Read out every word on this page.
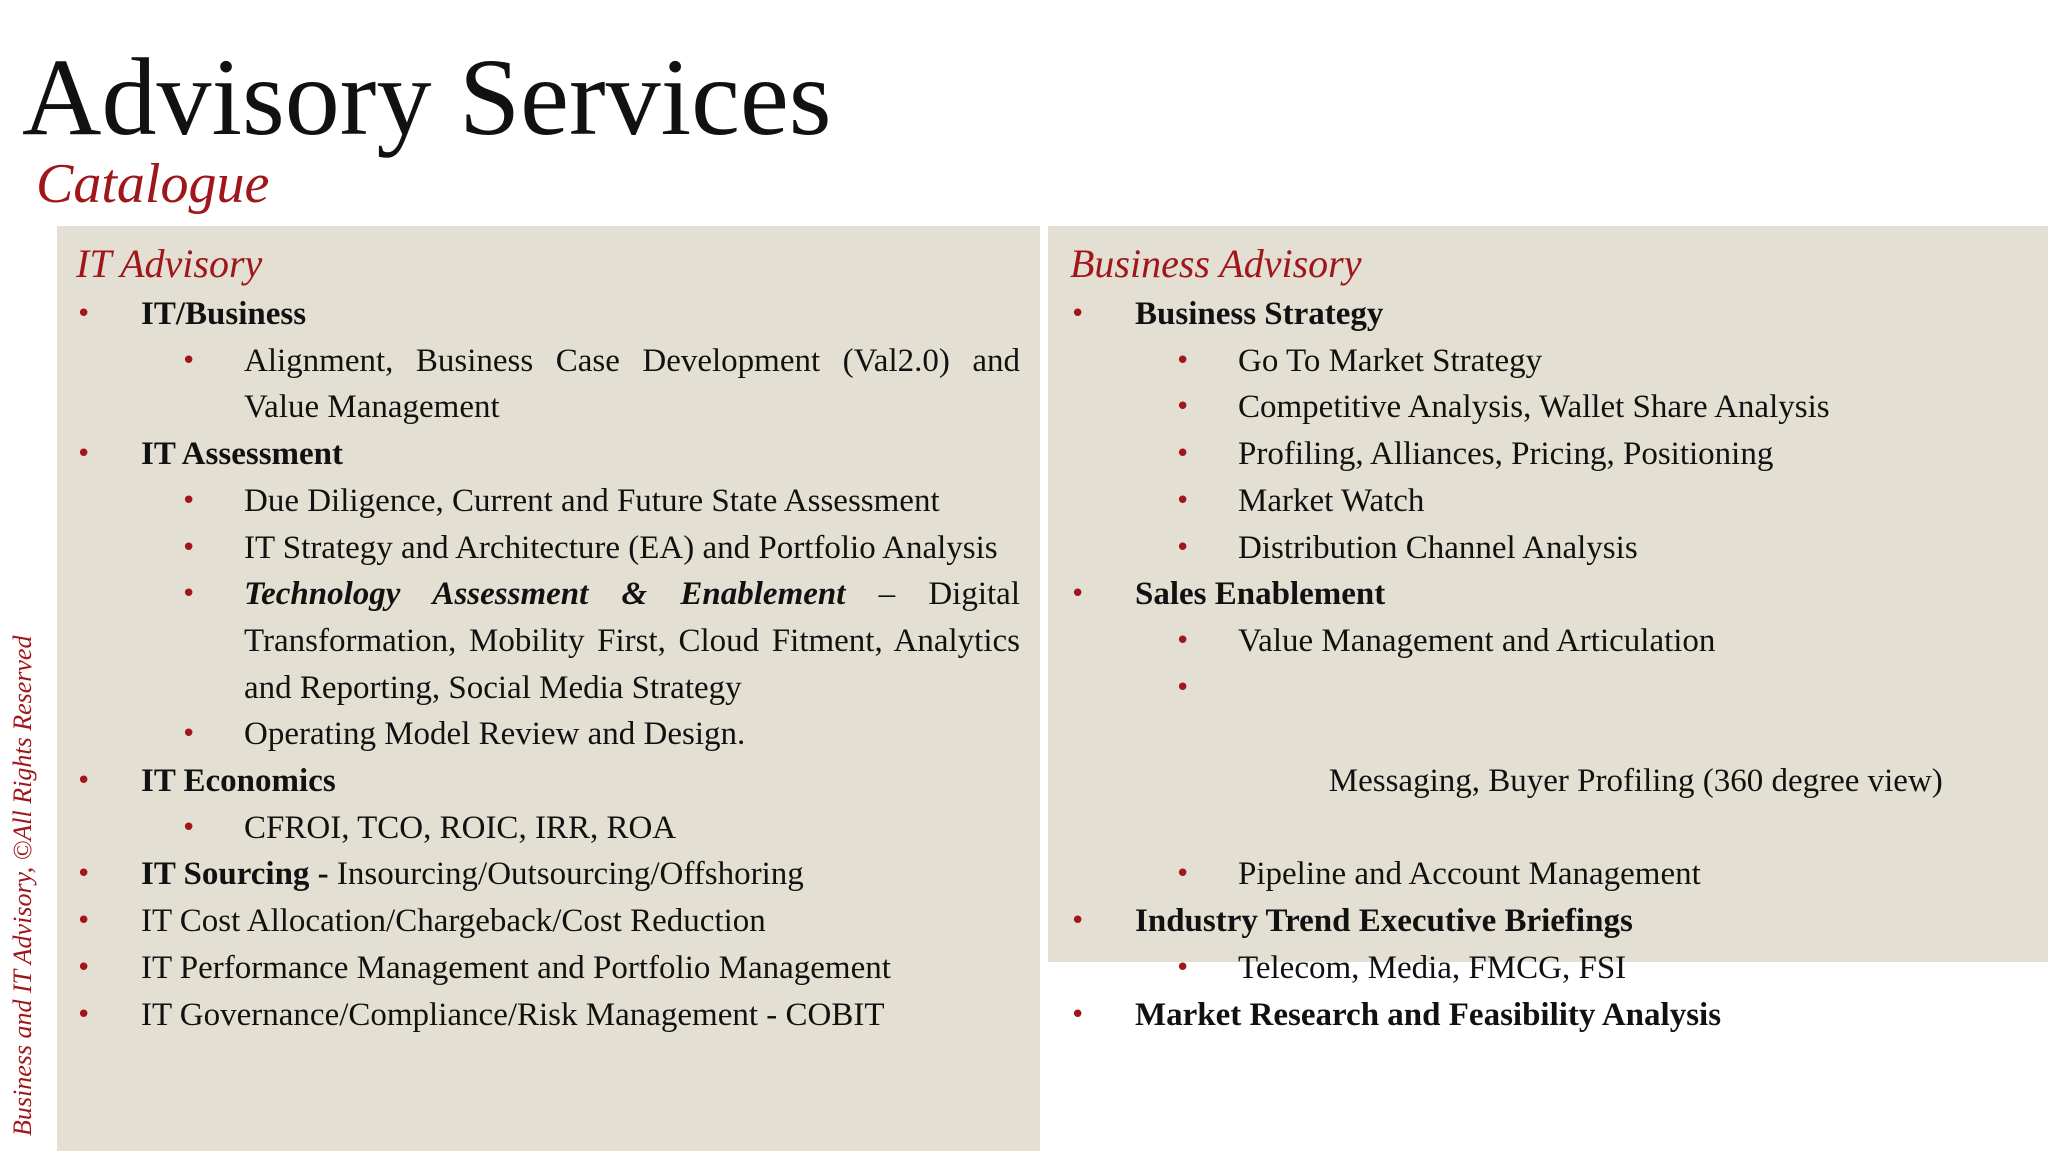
Advisory Services
Catalogue
Business and IT Advisory, ©All Rights Reserved
IT Advisory
• IT/Business
• Alignment, Business Case Development (Val2.0) and Value Management
• IT Assessment
• Due Diligence, Current and Future State Assessment
• IT Strategy and Architecture (EA) and Portfolio Analysis
• Technology Assessment & Enablement – Digital Transformation, Mobility First, Cloud Fitment, Analytics and Reporting, Social Media Strategy
• Operating Model Review and Design.
• IT Economics
• CFROI, TCO, ROIC, IRR, ROA
• IT Sourcing - Insourcing/Outsourcing/Offshoring
• IT Cost Allocation/Chargeback/Cost Reduction
• IT Performance Management and Portfolio Management
• IT Governance/Compliance/Risk Management - COBIT
Business Advisory
• Business Strategy
• Go To Market Strategy
• Competitive Analysis, Wallet Share Analysis
• Profiling, Alliances, Pricing, Positioning
• Market Watch
• Distribution Channel Analysis
• Sales Enablement
• Value Management and Articulation

•

Messaging, Buyer Profiling (360 degree view)

• Pipeline and Account Management
• Industry Trend Executive Briefings
• Telecom, Media, FMCG, FSI
• Market Research and Feasibility Analysis
